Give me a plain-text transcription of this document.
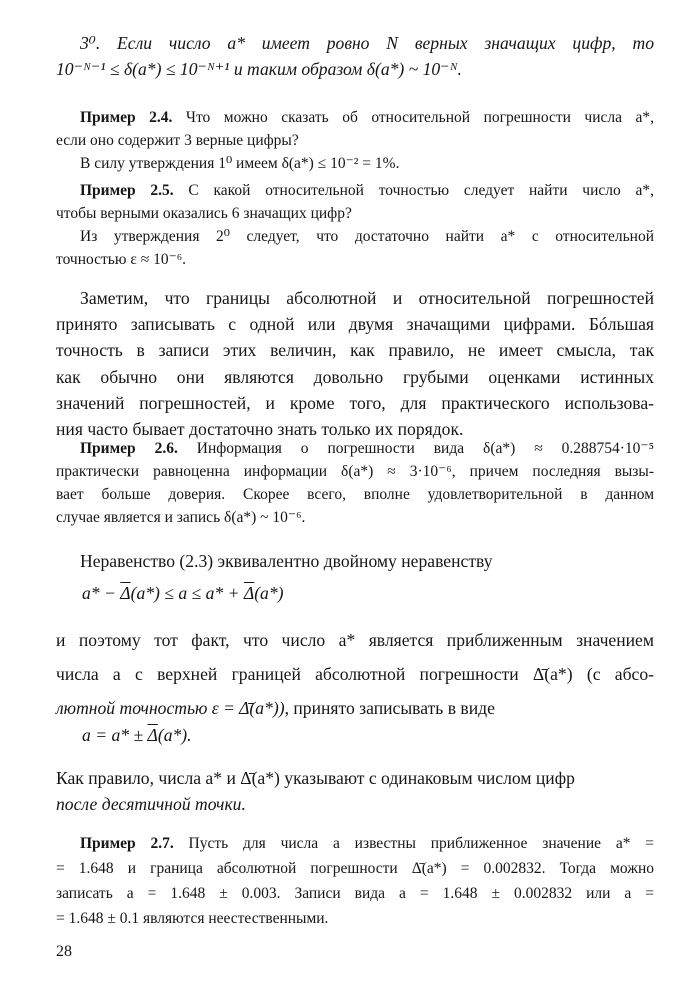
3⁰. Если число a* имеет ровно N верных значащих цифр, то
10⁻ᴺ⁻¹ ≤ δ(a*) ≤ 10⁻ᴺ⁺¹ и таким образом δ(a*) ~ 10⁻ᴺ.
Пример 2.4. Что можно сказать об относительной погрешности числа a*,
если оно содержит 3 верные цифры?
В силу утверждения 1⁰ имеем δ(a*) ≤ 10⁻² = 1%.
Пример 2.5. С какой относительной точностью следует найти число a*,
чтобы верными оказались 6 значащих цифр?
Из утверждения 2⁰ следует, что достаточно найти a* с относительной
точностью ε ≈ 10⁻⁶.
Заметим, что границы абсолютной и относительной погрешностей
принято записывать с одной или двумя значащими цифрами. Бóльшая
точность в записи этих величин, как правило, не имеет смысла, так
как обычно они являются довольно грубыми оценками истинных
значений погрешностей, и кроме того, для практического использова-
ния часто бывает достаточно знать только их порядок.
Пример 2.6. Информация о погрешности вида δ(a*) ≈ 0.288754·10⁻⁵
практически равноценна информации δ(a*) ≈ 3·10⁻⁶, причем последняя вызы-
вает больше доверия. Скорее всего, вполне удовлетворительной в данном
случае является и запись δ(a*) ~ 10⁻⁶.
Неравенство (2.3) эквивалентно двойному неравенству
$a* - \overline{\Delta}(a*) \le a \le a* + \overline{\Delta}(a*)$
и поэтому тот факт, что число a* является приближенным значением
числа a с верхней границей абсолютной погрешности Δ̄(a*) (с абсо-
лютной точностью ε = Δ̄(a*)), принято записывать в виде
$a = a* \pm \overline{\Delta}(a*)$.
Как правило, числа a* и Δ̄(a*) указывают с одинаковым числом цифр
после десятичной точки.
Пример 2.7. Пусть для числа a известны приближенное значение a* =
= 1.648 и граница абсолютной погрешности Δ̄(a*) = 0.002832. Тогда можно
записать a = 1.648 ± 0.003. Записи вида a = 1.648 ± 0.002832 или a =
= 1.648 ± 0.1 являются неестественными.
28
